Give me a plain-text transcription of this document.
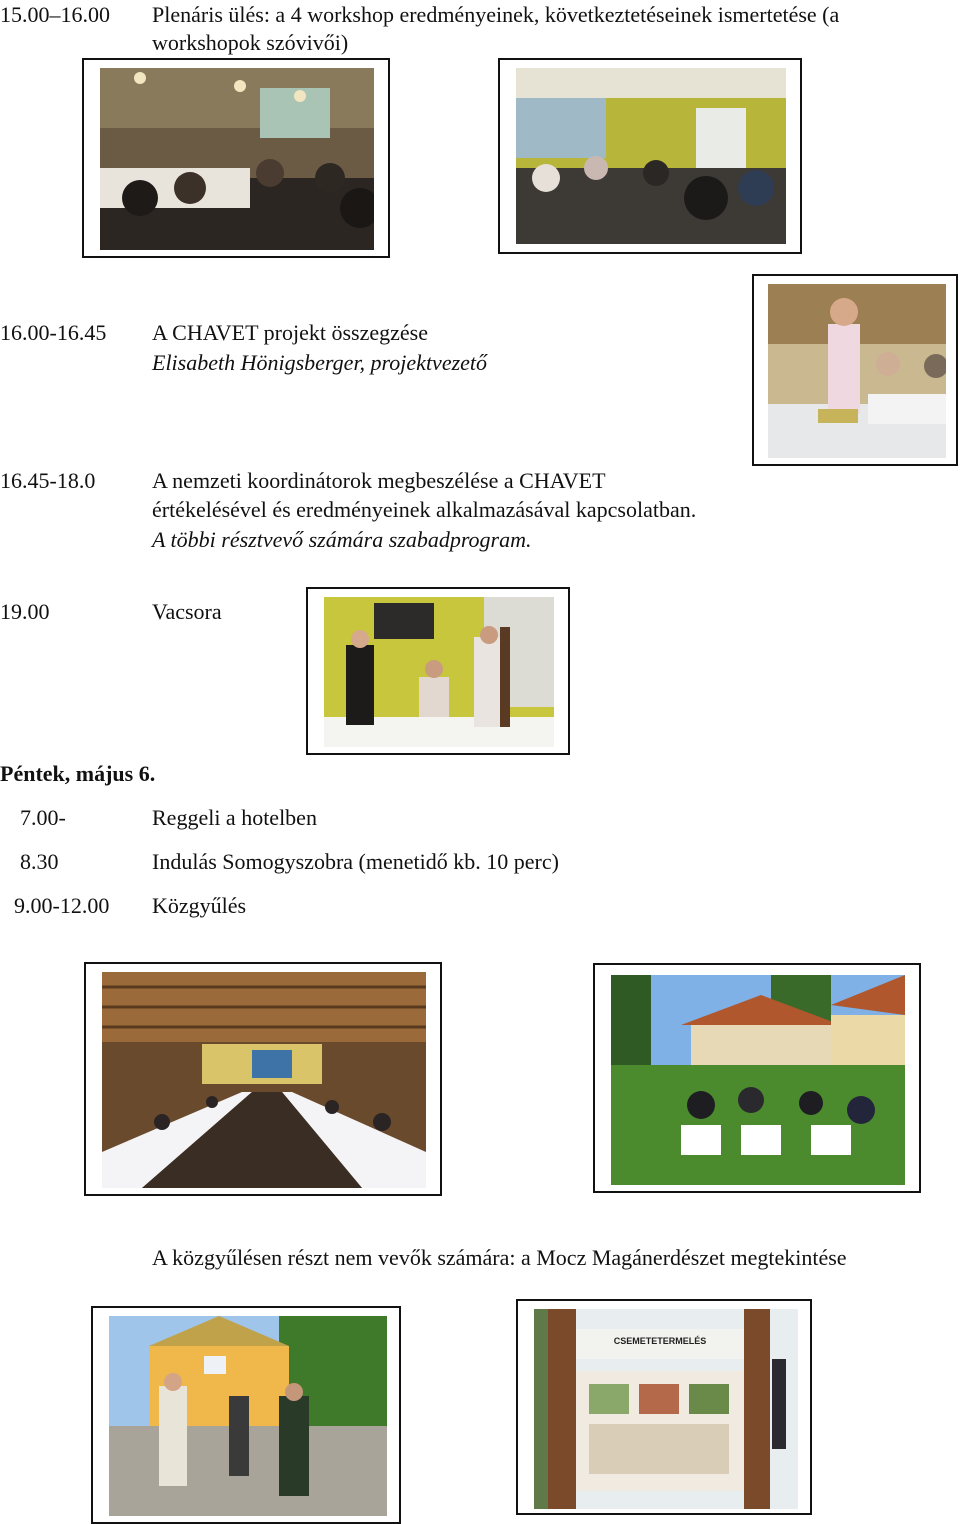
15.00–16.00 Plenáris ülés: a 4 workshop eredményeinek, következtetéseinek ismertetése (a
workshopok szóvivői)
16.00-16.45 A CHAVET projekt összegzése
Elisabeth Hönigsberger, projektvezető
16.45-18.0	A nemzeti koordinátorok megbeszélése a CHAVET
értékelésével és eredményeinek alkalmazásával kapcsolatban.
A többi résztvevő számára szabadprogram.
19.00	Vacsora
Péntek, május 6.
7.00-	Reggeli a hotelben
8.30	Indulás Somogyszobra (menetidő kb. 10 perc)
9.00-12.00 Közgyűlés
A közgyűlésen részt nem vevők számára: a Mocz Magánerdészet megtekintése
CSEMETETERMELÉS
